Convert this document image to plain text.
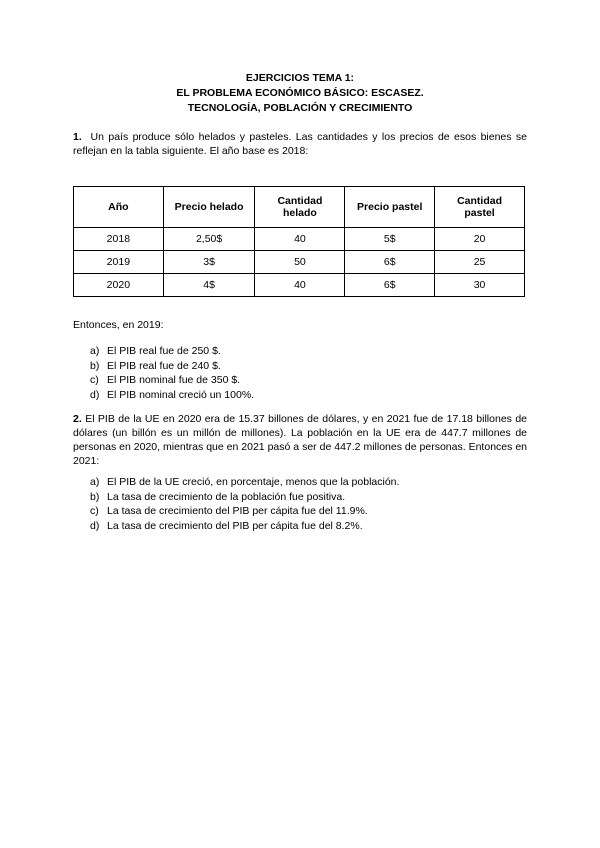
EJERCICIOS TEMA 1:
EL PROBLEMA ECONÓMICO BÁSICO: ESCASEZ.
TECNOLOGÍA, POBLACIÓN Y CRECIMIENTO
1. Un país produce sólo helados y pasteles. Las cantidades y los precios de esos bienes se reflejan en la tabla siguiente. El año base es 2018:
Año	Precio helado	Cantidad helado	Precio pastel	Cantidad pastel

2018	2,50$	40	5$	20
2019	3$	50	6$	25
2020	4$	40	6$	30
Entonces, en 2019:
a) El PIB real fue de 250 $.
b) El PIB real fue de 240 $.
c) El PIB nominal fue de 350 $.
d) El PIB nominal creció un 100%.
2. El PIB de la UE en 2020 era de 15.37 billones de dólares, y en 2021 fue de 17.18 billones de dólares (un billón es un millón de millones). La población en la UE era de 447.7 millones de personas en 2020, mientras que en 2021 pasó a ser de 447.2 millones de personas. Entonces en 2021:
a) El PIB de la UE creció, en porcentaje, menos que la población.
b) La tasa de crecimiento de la población fue positiva.
c) La tasa de crecimiento del PIB per cápita fue del 11.9%.
d) La tasa de crecimiento del PIB per cápita fue del 8.2%.
